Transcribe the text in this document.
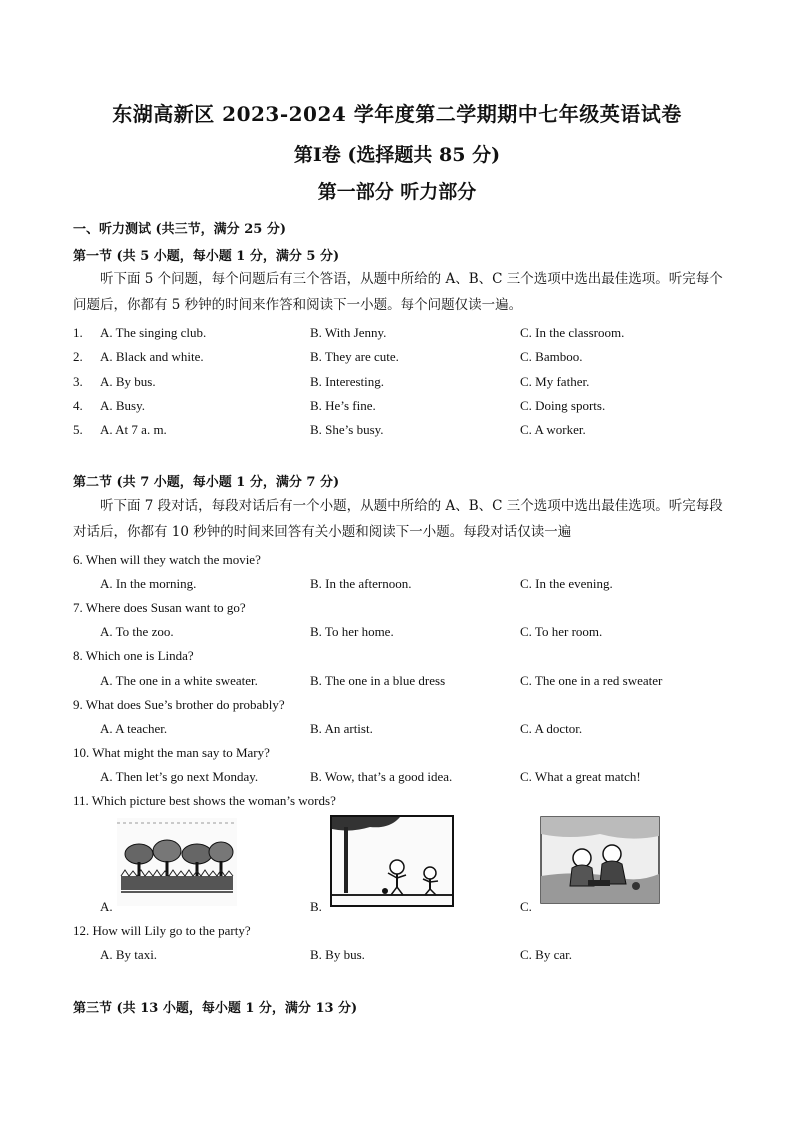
东湖高新区 2023-2024 学年度第二学期期中七年级英语试卷
第Ⅰ卷 (选择题共 85 分)
第一部分 听力部分
一、听力测试 (共三节，满分 25 分)
第一节 (共 5 小题，每小题 1 分，满分 5 分)
听下面 5 个问题，每个问题后有三个答语，从题中所给的 A、B、C 三个选项中选出最佳选项。听完每个问题后，你都有 5 秒钟的时间来作答和阅读下一小题。每个问题仅读一遍。
1. A. The singing club.	B. With Jenny.	C. In the classroom.
2. A. Black and white.	B. They are cute.	C. Bamboo.
3. A. By bus.	B. Interesting.	C. My father.
4. A. Busy.	B. He’s fine.	C. Doing sports.
5. A. At 7 a. m.	B. She’s busy.	C. A worker.
第二节 (共 7 小题，每小题 1 分，满分 7 分)
听下面 7 段对话，每段对话后有一个小题，从题中所给的 A、B、C 三个选项中选出最佳选项。听完每段对话后，你都有 10 秒钟的时间来回答有关小题和阅读下一小题。每段对话仅读一遍
6. When will they watch the movie?
A. In the morning.	B. In the afternoon.	C. In the evening.
7. Where does Susan want to go?
A. To the zoo.	B. To her home.	C. To her room.
8. Which one is Linda?
A. The one in a white sweater.	B. The one in a blue dress	C. The one in a red sweater
9. What does Sue’s brother do probably?
A. A teacher.	B. An artist.	C. A doctor.
10. What might the man say to Mary?
A. Then let’s go next Monday.	B. Wow, that’s a good idea.	C. What a great match!
11. Which picture best shows the woman’s words?
A.	B.	C.
12. How will Lily go to the party?
A. By taxi.	B. By bus.	C. By car.
第三节 (共 13 小题，每小题 1 分，满分 13 分)
